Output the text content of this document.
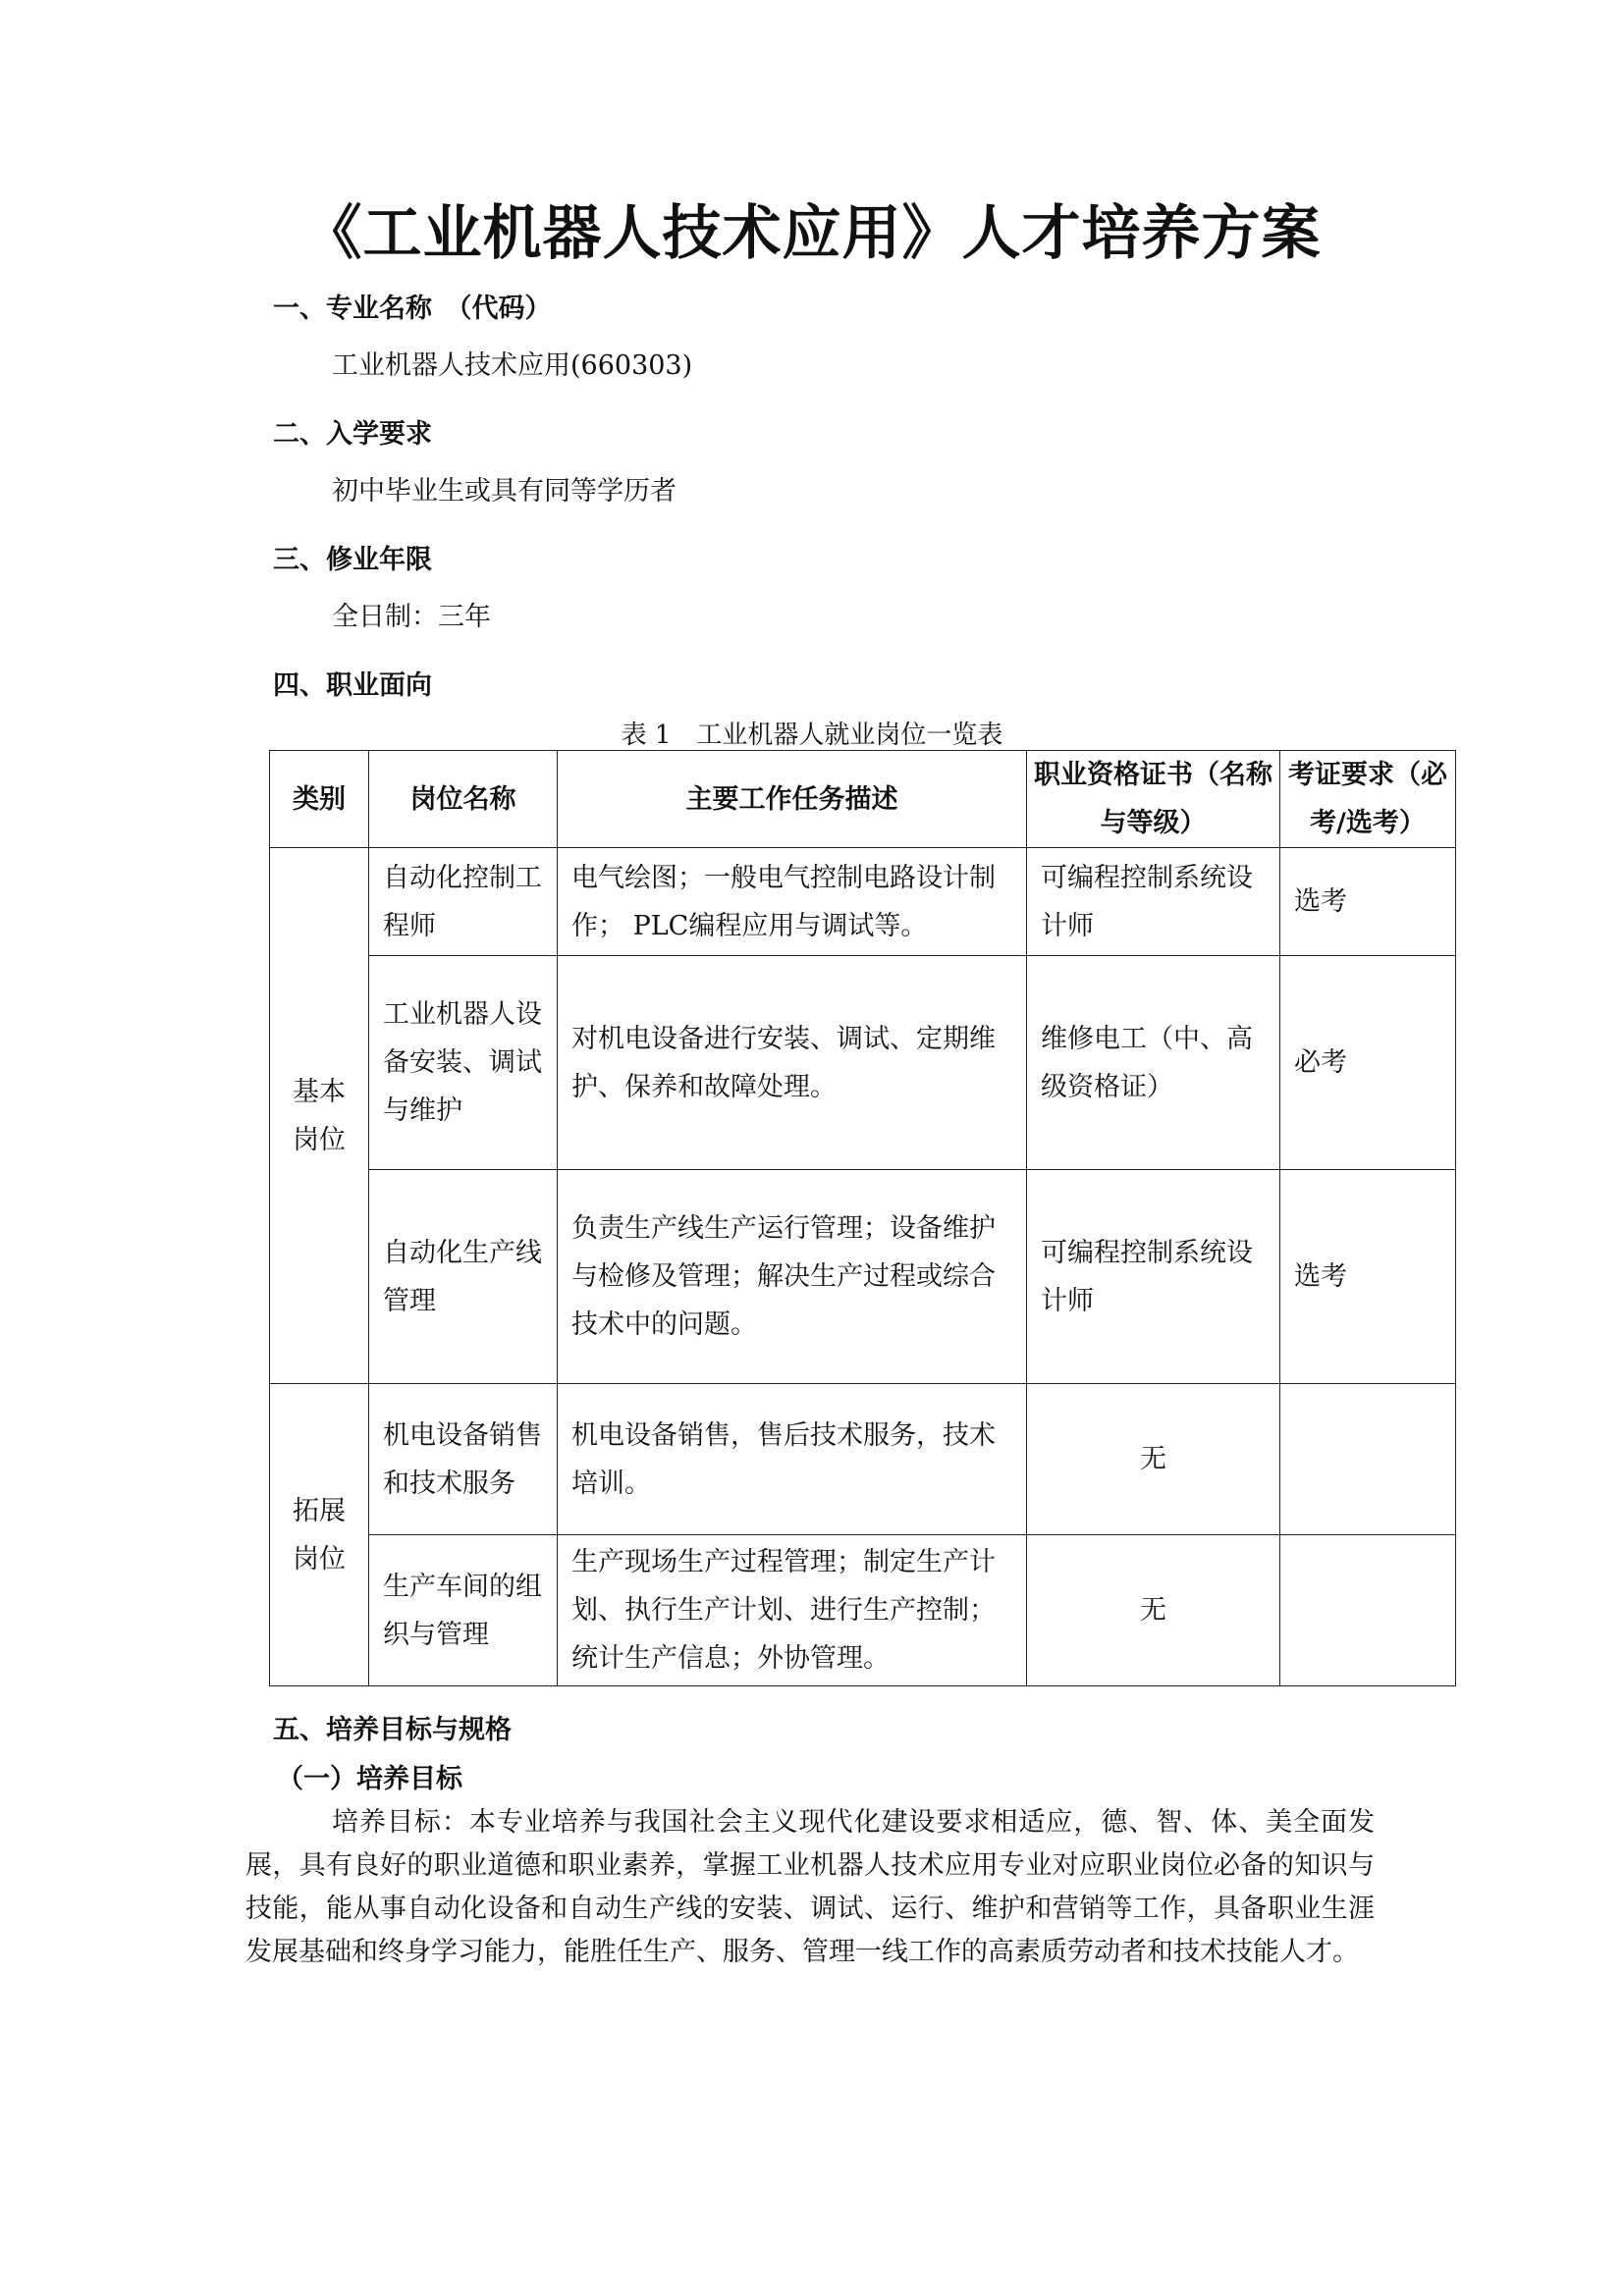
《工业机器人技术应用》人才培养方案
一、专业名称　（代码）

工业机器人技术应用(660303)

二、入学要求

初中毕业生或具有同等学历者

三、修业年限

全日制：三年

四、职业面向

表 1　工业机器人就业岗位一览表

类别	岗位名称	主要工作任务描述	职业资格证书（名称与等级）	考证要求（必考/选考）
基本岗位	自动化控制工程师	电气绘图；一般电气控制电路设计制作； PLC编程应用与调试等。	可编程控制系统设计师	选考
	工业机器人设备安装、调试与维护	对机电设备进行安装、调试、定期维护、保养和故障处理。	维修电工（中、高级资格证）	必考
	自动化生产线管理	负责生产线生产运行管理；设备维护与检修及管理；解决生产过程或综合技术中的问题。	可编程控制系统设计师	选考
拓展岗位	机电设备销售和技术服务	机电设备销售，售后技术服务，技术培训。	无	
	生产车间的组织与管理	生产现场生产过程管理；制定生产计划、执行生产计划、进行生产控制；统计生产信息；外协管理。	无	
五、培养目标与规格
（一）培养目标

培养目标：本专业培养与我国社会主义现代化建设要求相适应，德、智、体、美全面发展，具有良好的职业道德和职业素养，掌握工业机器人技术应用专业对应职业岗位必备的知识与技能，能从事自动化设备和自动生产线的安装、调试、运行、维护和营销等工作，具备职业生涯发展基础和终身学习能力，能胜任生产、服务、管理一线工作的高素质劳动者和技术技能人才。
